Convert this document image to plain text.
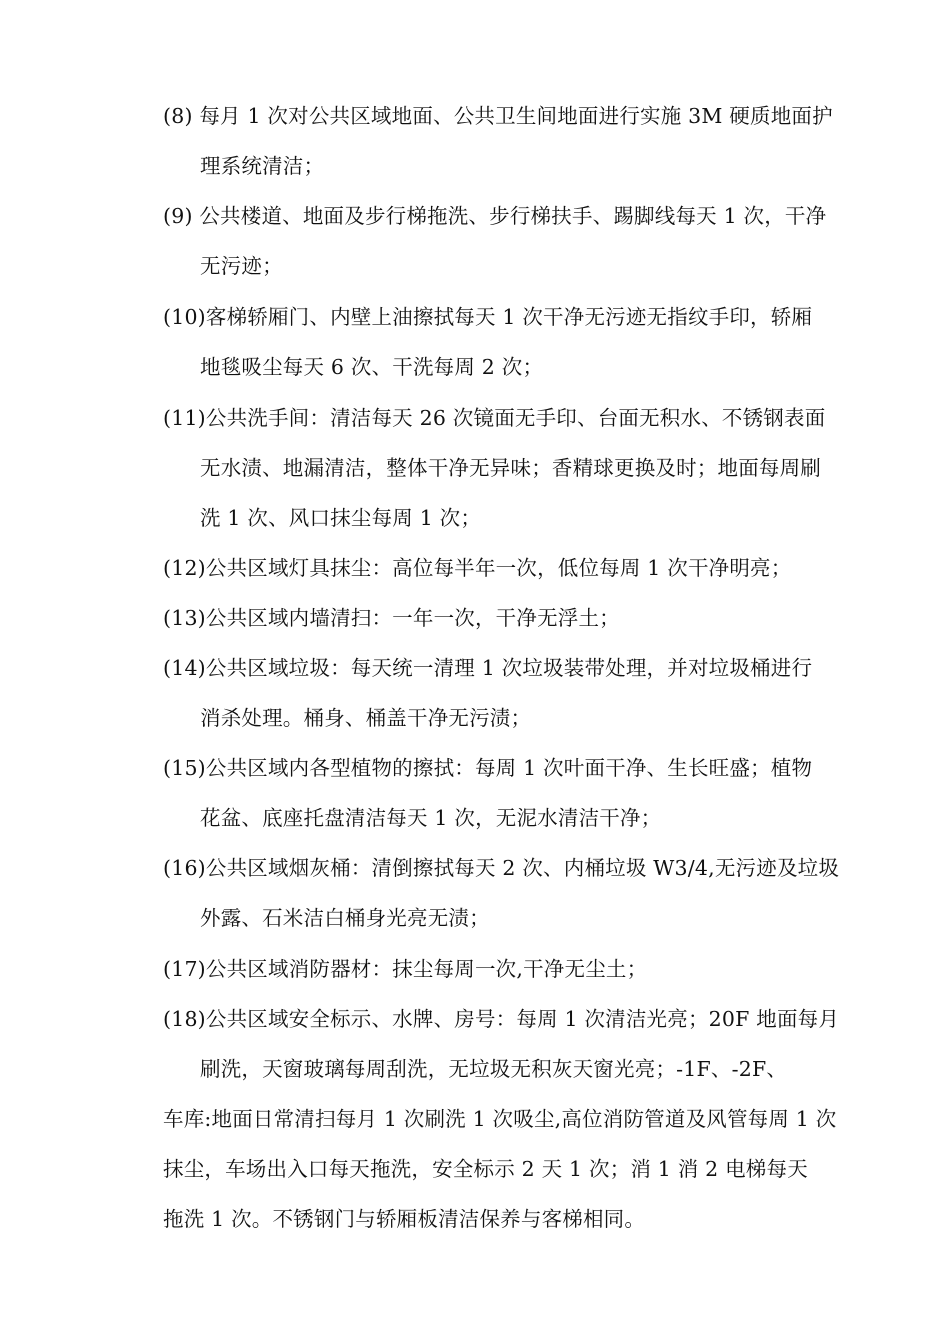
(8) 每月 1 次对公共区域地面、公共卫生间地面进行实施 3M 硬质地面护
理系统清洁；
(9) 公共楼道、地面及步行梯拖洗、步行梯扶手、踢脚线每天 1 次，干净
无污迹；
(10)客梯轿厢门、内壁上油擦拭每天 1 次干净无污迹无指纹手印，轿厢
地毯吸尘每天 6 次、干洗每周 2 次；
(11)公共洗手间：清洁每天 26 次镜面无手印、台面无积水、不锈钢表面
无水渍、地漏清洁，整体干净无异味；香精球更换及时；地面每周刷
洗 1 次、风口抹尘每周 1 次；
(12)公共区域灯具抹尘：高位每半年一次，低位每周 1 次干净明亮；
(13)公共区域内墙清扫：一年一次，干净无浮土；
(14)公共区域垃圾：每天统一清理 1 次垃圾装带处理，并对垃圾桶进行
消杀处理。桶身、桶盖干净无污渍；
(15)公共区域内各型植物的擦拭：每周 1 次叶面干净、生长旺盛；植物
花盆、底座托盘清洁每天 1 次，无泥水清洁干净；
(16)公共区域烟灰桶：清倒擦拭每天 2 次、内桶垃圾 W3/4,无污迹及垃圾
外露、石米洁白桶身光亮无渍；
(17)公共区域消防器材：抹尘每周一次,干净无尘土；
(18)公共区域安全标示、水牌、房号：每周 1 次清洁光亮；20F 地面每月
刷洗，天窗玻璃每周刮洗，无垃圾无积灰天窗光亮；-1F、-2F、
车库:地面日常清扫每月 1 次刷洗 1 次吸尘,高位消防管道及风管每周 1 次
抹尘，车场出入口每天拖洗，安全标示 2 天 1 次；消 1 消 2 电梯每天
拖洗 1 次。不锈钢门与轿厢板清洁保养与客梯相同。
